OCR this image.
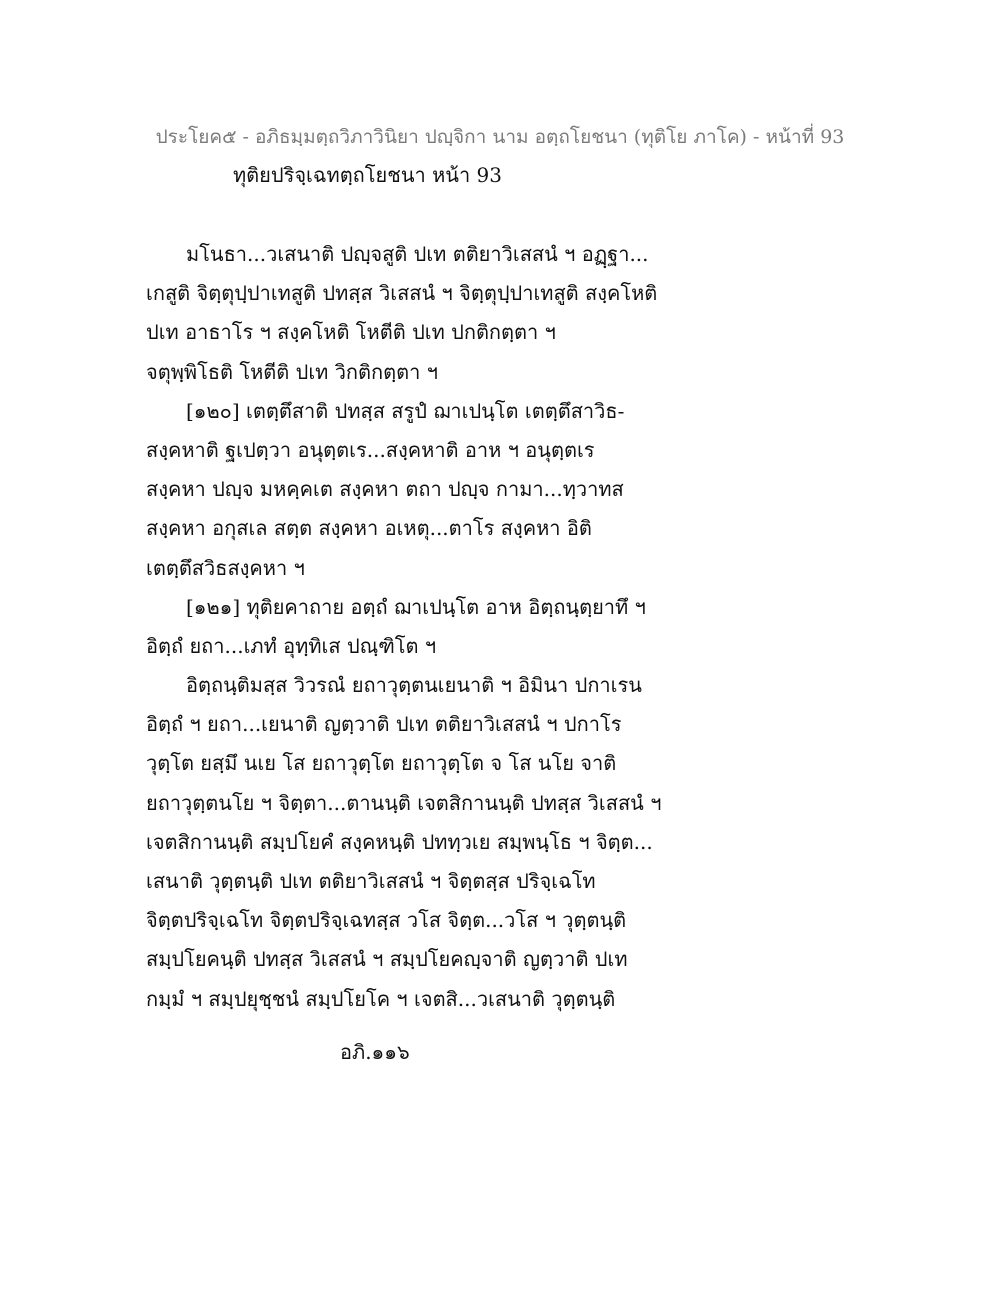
ประโยค๕ - อภิธมฺมตฺถวิภาวินิยา ปญฺจิกา นาม อตฺถโยชนา (ทุติโย ภาโค) - หน้าที่ 93
ทุติยปริจฺเฉทตฺถโยชนา หน้า 93
มโนธา...วเสนาติ ปญฺจสูติ ปเท ตติยาวิเสสนํ ฯ อฏฺฐา...
เกสูติ จิตฺตุปฺปาเทสูติ ปทสฺส วิเสสนํ ฯ จิตฺตุปฺปาเทสูติ สงฺคโหติ
ปเท อาธาโร ฯ สงฺคโหติ โหตีติ ปเท ปกติกตฺตา ฯ
จตุพฺพิโธติ โหตีติ ปเท วิกติกตฺตา ฯ
[๑๒๐] เตตฺตึสาติ ปทสฺส สรูปํ ฌาเปนฺโต เตตฺตึสาวิธ-
สงฺคหาติ ฐเปตฺวา อนุตฺตเร...สงฺคหาติ อาห ฯ อนุตฺตเร
สงฺคหา ปญฺจ มหคฺคเต สงฺคหา ตถา ปญฺจ กามา...ทฺวาทส
สงฺคหา อกุสเล สตฺต สงฺคหา อเหตุ...ตาโร สงฺคหา อิติ
เตตฺตึสวิธสงฺคหา ฯ
[๑๒๑] ทุติยคาถาย อตฺถํ ฌาเปนฺโต อาห อิตฺถนฺตฺยาทึ ฯ
อิตฺถํ ยถา...เภทํ อุทฺทิเส ปณฺฑิโต ฯ
อิตฺถนฺติมสฺส วิวรณํ ยถาวุตฺตนเยนาติ ฯ อิมินา ปกาเรน
อิตฺถํ ฯ ยถา...เยนาติ ญตฺวาติ ปเท ตติยาวิเสสนํ ฯ ปกาโร
วุตฺโต ยสฺมึ นเย โส ยถาวุตฺโต ยถาวุตฺโต จ โส นโย จาติ
ยถาวุตฺตนโย ฯ จิตฺตา...ตานนฺติ เจตสิกานนฺติ ปทสฺส วิเสสนํ ฯ
เจตสิกานนฺติ สมฺปโยคํ สงฺคหนฺติ ปททฺวเย สมฺพนฺโธ ฯ จิตฺต...
เสนาติ วุตฺตนฺติ ปเท ตติยาวิเสสนํ ฯ จิตฺตสฺส ปริจฺเฉโท
จิตฺตปริจฺเฉโท จิตฺตปริจฺเฉทสฺส วโส จิตฺต...วโส ฯ วุตฺตนฺติ
สมฺปโยคนฺติ ปทสฺส วิเสสนํ ฯ สมฺปโยคญฺจาติ ญตฺวาติ ปเท
กมฺมํ ฯ สมฺปยุชฺชนํ สมฺปโยโค ฯ เจตสิ...วเสนาติ วุตฺตนฺติ
อภิ.๑๑๖
